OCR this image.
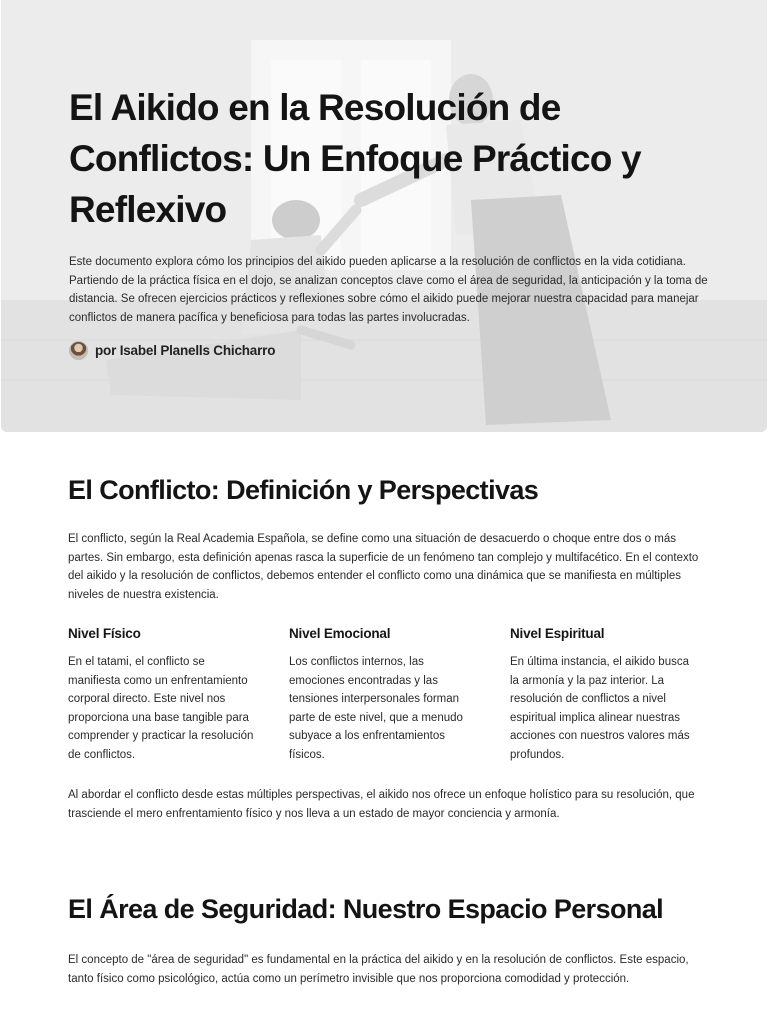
El Aikido en la Resolución de Conflictos: Un Enfoque Práctico y Reflexivo

Este documento explora cómo los principios del aikido pueden aplicarse a la resolución de conflictos en la vida cotidiana. Partiendo de la práctica física en el dojo, se analizan conceptos clave como el área de seguridad, la anticipación y la toma de distancia. Se ofrecen ejercicios prácticos y reflexiones sobre cómo el aikido puede mejorar nuestra capacidad para manejar conflictos de manera pacífica y beneficiosa para todas las partes involucradas.

por Isabel Planells Chicharro
El Conflicto: Definición y Perspectivas

El conflicto, según la Real Academia Española, se define como una situación de desacuerdo o choque entre dos o más partes. Sin embargo, esta definición apenas rasca la superficie de un fenómeno tan complejo y multifacético. En el contexto del aikido y la resolución de conflictos, debemos entender el conflicto como una dinámica que se manifiesta en múltiples niveles de nuestra existencia.

Nivel Físico

En el tatami, el conflicto se manifiesta como un enfrentamiento corporal directo. Este nivel nos proporciona una base tangible para comprender y practicar la resolución de conflictos.

Nivel Emocional

Los conflictos internos, las emociones encontradas y las tensiones interpersonales forman parte de este nivel, que a menudo subyace a los enfrentamientos físicos.

Nivel Espiritual

En última instancia, el aikido busca la armonía y la paz interior. La resolución de conflictos a nivel espiritual implica alinear nuestras acciones con nuestros valores más profundos.

Al abordar el conflicto desde estas múltiples perspectivas, el aikido nos ofrece un enfoque holístico para su resolución, que trasciende el mero enfrentamiento físico y nos lleva a un estado de mayor conciencia y armonía.

El Área de Seguridad: Nuestro Espacio Personal

El concepto de "área de seguridad" es fundamental en la práctica del aikido y en la resolución de conflictos. Este espacio, tanto físico como psicológico, actúa como un perímetro invisible que nos proporciona comodidad y protección.
